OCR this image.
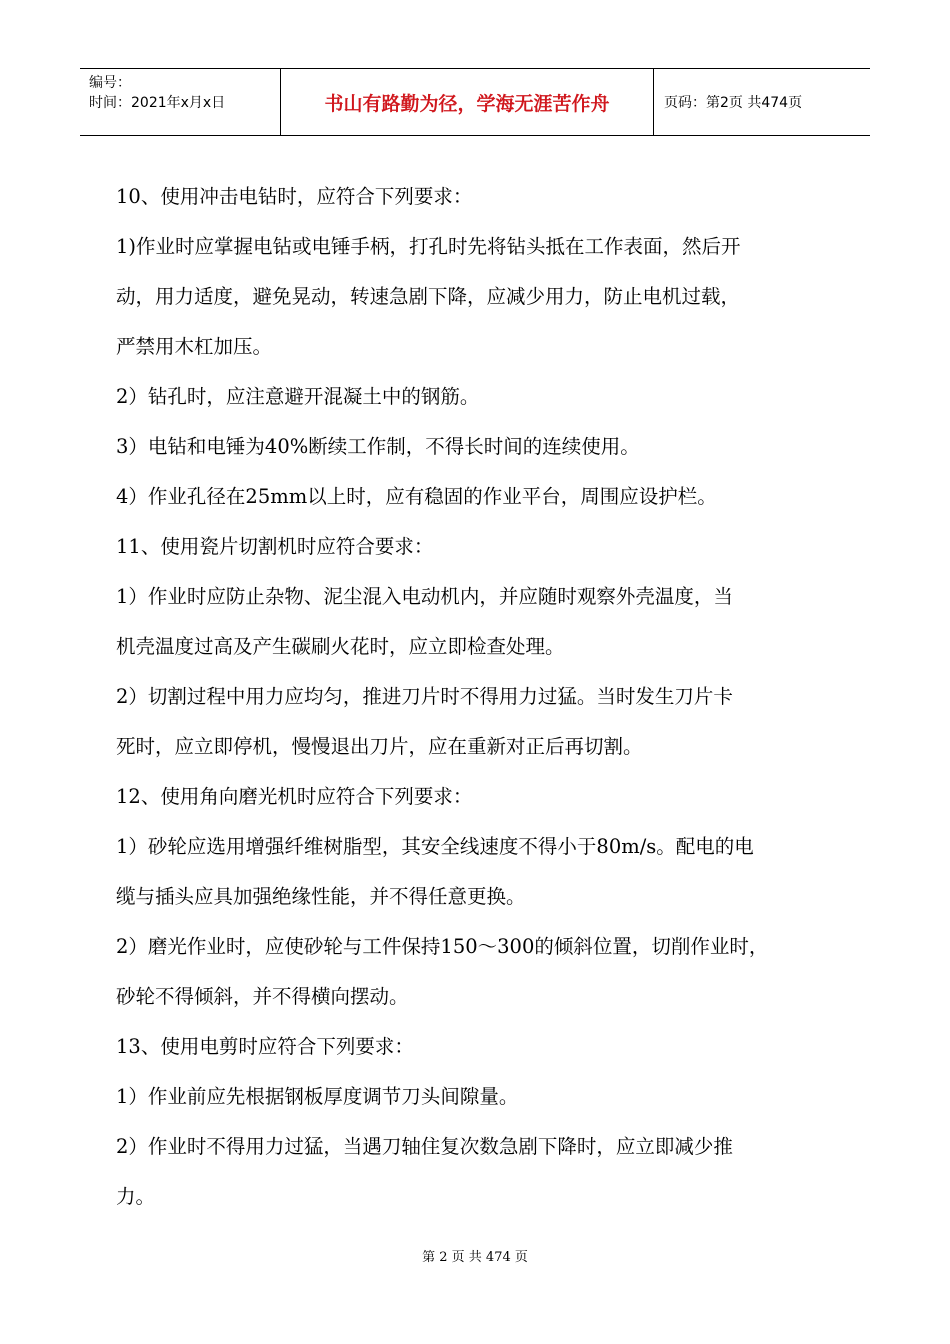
编号：
时间：2021年x月x日	书山有路勤为径，学海无涯苦作舟	页码：第2页 共474页

10、使用冲击电钻时，应符合下列要求：

1)作业时应掌握电钻或电锤手柄，打孔时先将钻头抵在工作表面，然后开

动，用力适度，避免晃动，转速急剧下降，应减少用力，防止电机过载，

严禁用木杠加压。

2）钻孔时，应注意避开混凝土中的钢筋。

3）电钻和电锤为40%断续工作制，不得长时间的连续使用。

4）作业孔径在25mm以上时，应有稳固的作业平台，周围应设护栏。

11、使用瓷片切割机时应符合要求：

1）作业时应防止杂物、泥尘混入电动机内，并应随时观察外壳温度，当

机壳温度过高及产生碳刷火花时，应立即检查处理。

2）切割过程中用力应均匀，推进刀片时不得用力过猛。当时发生刀片卡

死时，应立即停机，慢慢退出刀片，应在重新对正后再切割。

12、使用角向磨光机时应符合下列要求：

1）砂轮应选用增强纤维树脂型，其安全线速度不得小于80m/s。配电的电

缆与插头应具加强绝缘性能，并不得任意更换。

2）磨光作业时，应使砂轮与工件保持150～300的倾斜位置，切削作业时，

砂轮不得倾斜，并不得横向摆动。

13、使用电剪时应符合下列要求：

1）作业前应先根据钢板厚度调节刀头间隙量。

2）作业时不得用力过猛，当遇刀轴住复次数急剧下降时，应立即减少推

力。

第 2 页 共 474 页
